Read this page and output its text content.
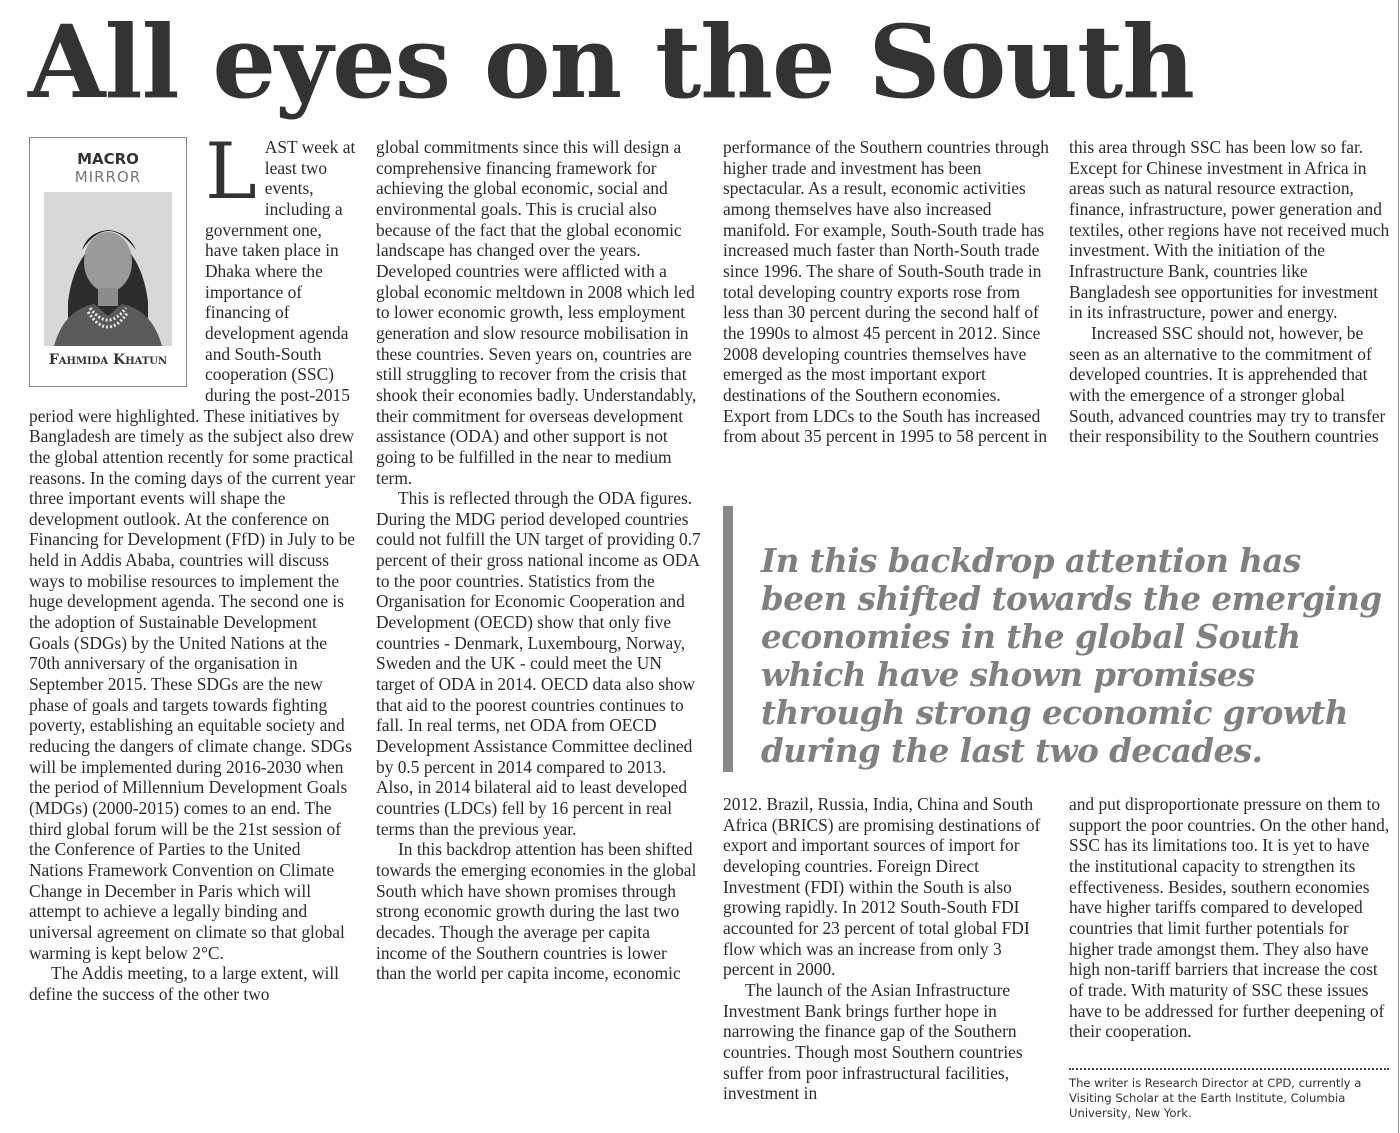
All eyes on the South
MACRO
MIRROR
Fahmida Khatun
L AST week at least two events, including a government one, have taken place in Dhaka where the importance of financing of development agenda and South-South cooperation (SSC) during the post-2015 period were highlighted. These initiatives by Bangladesh are timely as the subject also drew the global attention recently for some practical reasons. In the coming days of the current year three important events will shape the development outlook. At the conference on Financing for Development (FfD) in July to be held in Addis Ababa, countries will discuss ways to mobilise resources to implement the huge development agenda. The second one is the adoption of Sustainable Development Goals (SDGs) by the United Nations at the 70th anniversary of the organisation in September 2015. These SDGs are the new phase of goals and targets towards fighting poverty, establishing an equitable society and reducing the dangers of climate change. SDGs will be implemented during 2016-2030 when the period of Millennium Development Goals (MDGs) (2000-2015) comes to an end. The third global forum will be the 21st session of the Conference of Parties to the United Nations Framework Convention on Climate Change in December in Paris which will attempt to achieve a legally binding and universal agreement on climate so that global warming is kept below 2°C.

The Addis meeting, to a large extent, will define the success of the other two

global commitments since this will design a comprehensive financing framework for achieving the global economic, social and environmental goals. This is crucial also because of the fact that the global economic landscape has changed over the years. Developed countries were afflicted with a global economic meltdown in 2008 which led to lower economic growth, less employment generation and slow resource mobilisation in these countries. Seven years on, countries are still struggling to recover from the crisis that shook their economies badly. Understandably, their commitment for overseas development assistance (ODA) and other support is not going to be fulfilled in the near to medium term.

This is reflected through the ODA figures. During the MDG period developed countries could not fulfill the UN target of providing 0.7 percent of their gross national income as ODA to the poor countries. Statistics from the Organisation for Economic Cooperation and Development (OECD) show that only five countries - Denmark, Luxembourg, Norway, Sweden and the UK - could meet the UN target of ODA in 2014. OECD data also show that aid to the poorest countries continues to fall. In real terms, net ODA from OECD Development Assistance Committee declined by 0.5 percent in 2014 compared to 2013. Also, in 2014 bilateral aid to least developed countries (LDCs) fell by 16 percent in real terms than the previous year.

In this backdrop attention has been shifted towards the emerging economies in the global South which have shown promises through strong economic growth during the last two decades. Though the average per capita income of the Southern countries is lower than the world per capita income, economic

performance of the Southern countries through higher trade and investment has been spectacular. As a result, economic activities among themselves have also increased manifold. For example, South-South trade has increased much faster than North-South trade since 1996. The share of South-South trade in total developing country exports rose from less than 30 percent during the second half of the 1990s to almost 45 percent in 2012. Since 2008 developing countries themselves have emerged as the most important export destinations of the Southern economies. Export from LDCs to the South has increased from about 35 percent in 1995 to 58 percent in

this area through SSC has been low so far. Except for Chinese investment in Africa in areas such as natural resource extraction, finance, infrastructure, power generation and textiles, other regions have not received much investment. With the initiation of the Infrastructure Bank, countries like Bangladesh see opportunities for investment in its infrastructure, power and energy.

Increased SSC should not, however, be seen as an alternative to the commitment of developed countries. It is apprehended that with the emergence of a stronger global South, advanced countries may try to transfer their responsibility to the Southern countries

In this backdrop attention has been shifted towards the emerging economies in the global South which have shown promises through strong economic growth during the last two decades.

2012. Brazil, Russia, India, China and South Africa (BRICS) are promising destinations of export and important sources of import for developing countries. Foreign Direct Investment (FDI) within the South is also growing rapidly. In 2012 South-South FDI accounted for 23 percent of total global FDI flow which was an increase from only 3 percent in 2000.

The launch of the Asian Infrastructure Investment Bank brings further hope in narrowing the finance gap of the Southern countries. Though most Southern countries suffer from poor infrastructural facilities, investment in

and put disproportionate pressure on them to support the poor countries. On the other hand, SSC has its limitations too. It is yet to have the institutional capacity to strengthen its effectiveness. Besides, southern economies have higher tariffs compared to developed countries that limit further potentials for higher trade amongst them. They also have high non-tariff barriers that increase the cost of trade. With maturity of SSC these issues have to be addressed for further deepening of their cooperation.

The writer is Research Director at CPD, currently a Visiting Scholar at the Earth Institute, Columbia University, New York.
